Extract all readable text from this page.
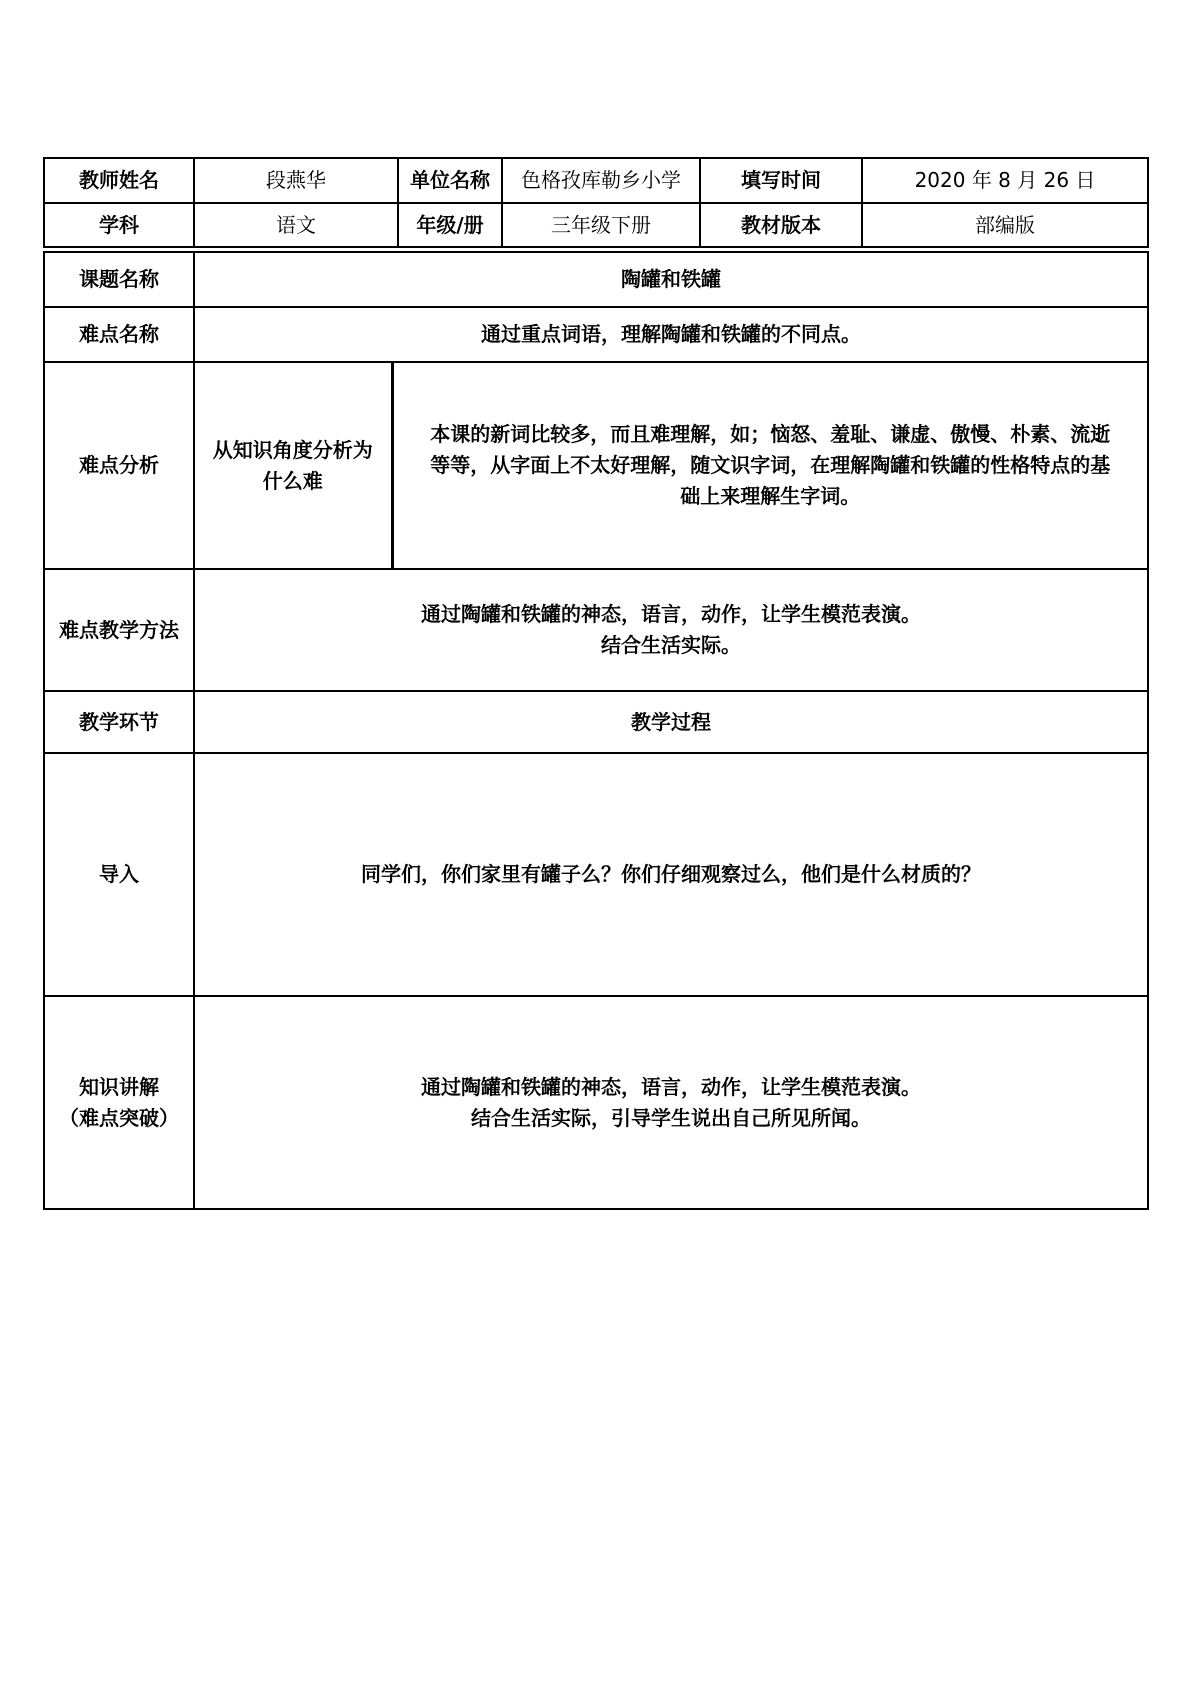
教师姓名	段燕华		单位名称	色格孜库勒乡小学	填写时间	2020 年 8 月 26 日
学科	语文		年级/册	三年级下册	教材版本	部编版

课题名称	陶罐和铁罐					
难点名称	通过重点词语，理解陶罐和铁罐的不同点。					
难点分析	从知识角度分析为什么难	本课的新词比较多，而且难理解，如；恼怒、羞耻、谦虚、傲慢、朴素、流逝
等等，从字面上不太好理解，随文识字词，在理解陶罐和铁罐的性格特点的基
础上来理解生字词。				

难点教学方法	通过陶罐和铁罐的神态，语言，动作，让学生模范表演。
结合生活实际。					

教学环节	教学过程					
导入	同学们，你们家里有罐子么？你们仔细观察过么，他们是什么材质的？					

知识讲解
（难点突破）	通过陶罐和铁罐的神态，语言，动作，让学生模范表演。
结合生活实际，引导学生说出自己所见所闻。					
